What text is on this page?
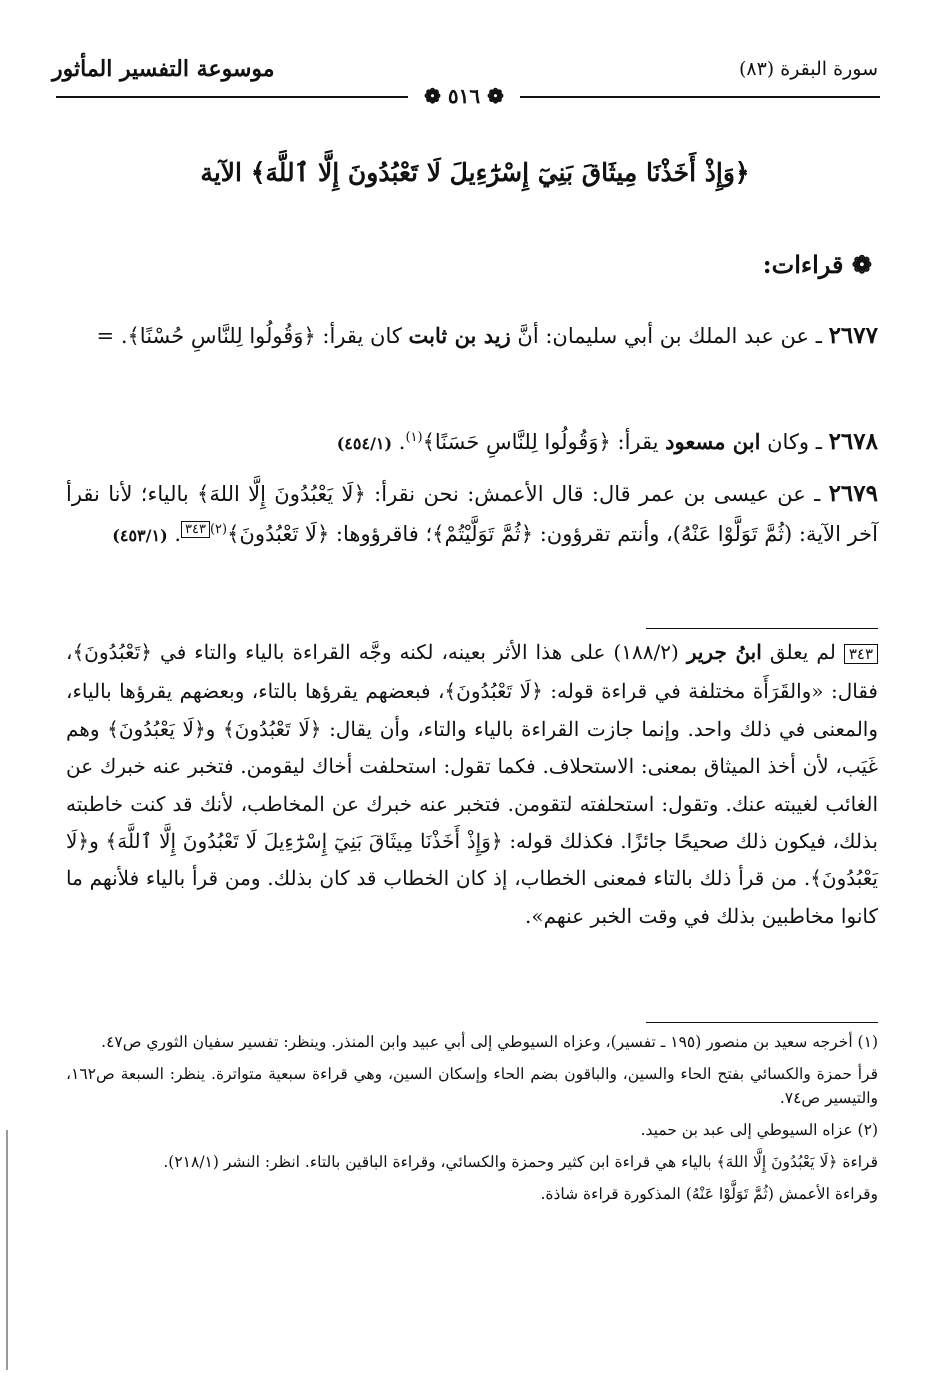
موسوعة التفسير المأثور	سورة البقرة (٨٣)
❁ ٥١٦ ❁
﴿وَإِذْ أَخَذْنَا مِيثَاقَ بَنِيٓ إِسْرَٰٓءِيلَ لَا تَعْبُدُونَ إِلَّا ٱللَّهَ﴾ الآية
❁ قراءات:
٢٦٧٧ ـ عن عبد الملك بن أبي سليمان: أنَّ زيد بن ثابت كان يقرأ: ﴿وَقُولُوا لِلنَّاسِ حُسْنًا﴾. =
٢٦٧٨ ـ وكان ابن مسعود يقرأ: ﴿وَقُولُوا لِلنَّاسِ حَسَنًا﴾$^{(١)}$. (٤٥٤/١)
٢٦٧٩ ـ عن عيسى بن عمر قال: قال الأعمش: نحن نقرأ: ﴿لَا يَعْبُدُونَ إِلَّا اللهَ﴾ بالياء؛ لأنا نقرأ آخر الآية: (ثُمَّ تَوَلَّوْا عَنْهُ)، وأنتم تقرؤون: ﴿ثُمَّ تَوَلَّيْتُمْ﴾؛ فاقرؤوها: ﴿لَا تَعْبُدُونَ﴾$^{(٢)٣٤٣}$. (٤٥٣/١)
٣٤٣ لم يعلق ابنُ جرير (١٨٨/٢) على هذا الأثر بعينه، لكنه وجَّه القراءة بالياء والتاء في ﴿تَعْبُدُونَ﴾، فقال: «والقَرَأَة مختلفة في قراءة قوله: ﴿لَا تَعْبُدُونَ﴾، فبعضهم يقرؤها بالتاء، وبعضهم يقرؤها بالياء، والمعنى في ذلك واحد. وإنما جازت القراءة بالياء والتاء، وأن يقال: ﴿لَا تَعْبُدُونَ﴾ و﴿لَا يَعْبُدُونَ﴾ وهم غَيَب، لأن أخذ الميثاق بمعنى: الاستحلاف. فكما تقول: استحلفت أخاك ليقومن. فتخبر عنه خبرك عن الغائب لغيبته عنك. وتقول: استحلفته لتقومن. فتخبر عنه خبرك عن المخاطب، لأنك قد كنت خاطبته بذلك، فيكون ذلك صحيحًا جائزًا. فكذلك قوله: ﴿وَإِذْ أَخَذْنَا مِيثَاقَ بَنِيٓ إِسْرَٰٓءِيلَ لَا تَعْبُدُونَ إِلَّا ٱللَّهَ﴾ و﴿لَا يَعْبُدُونَ﴾. من قرأ ذلك بالتاء فمعنى الخطاب، إذ كان الخطاب قد كان بذلك. ومن قرأ بالياء فلأنهم ما كانوا مخاطبين بذلك في وقت الخبر عنهم».
(١) أخرجه سعيد بن منصور (١٩٥ ـ تفسير)، وعزاه السيوطي إلى أبي عبيد وابن المنذر. وينظر: تفسير سفيان الثوري ص٤٧.
قرأ حمزة والكسائي بفتح الحاء والسين، والباقون بضم الحاء وإسكان السين، وهي قراءة سبعية متواترة. ينظر: السبعة ص١٦٢، والتيسير ص٧٤.
(٢) عزاه السيوطي إلى عبد بن حميد.
قراءة ﴿لَا يَعْبُدُونَ إِلَّا اللهَ﴾ بالياء هي قراءة ابن كثير وحمزة والكسائي، وقراءة الباقين بالتاء. انظر: النشر (٢١٨/١).
وقراءة الأعمش (ثُمَّ تَوَلَّوْا عَنْهُ) المذكورة قراءة شاذة.
